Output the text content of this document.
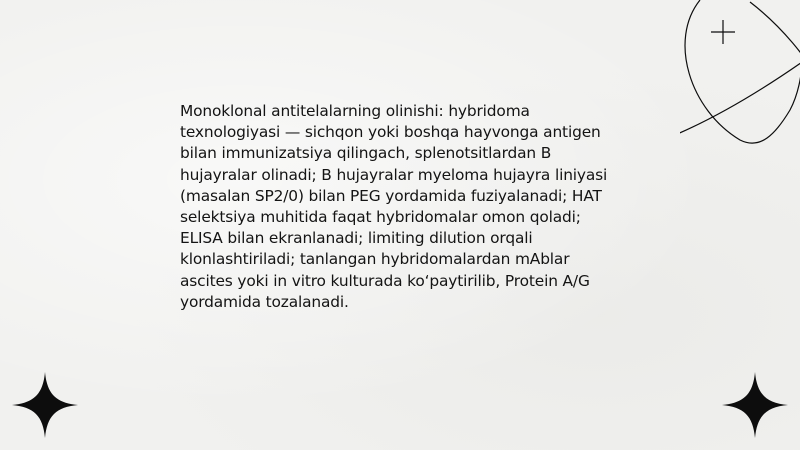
Monoklonal antitelalarning olinishi: hybridoma texnologiyasi — sichqon yoki boshqa hayvonga antigen bilan immunizatsiya qilingach, splenotsitlardan B hujayralar olinadi; B hujayralar myeloma hujayra liniyasi (masalan SP2/0) bilan PEG yordamida fuziyalanadi; HAT selektsiya muhitida faqat hybridomalar omon qoladi; ELISA bilan ekranlanadi; limiting dilution orqali klonlashtiriladi; tanlangan hybridomalardan mAblar ascites yoki in vitro kulturada ko‘paytirilib, Protein A/G yordamida tozalanadi.
